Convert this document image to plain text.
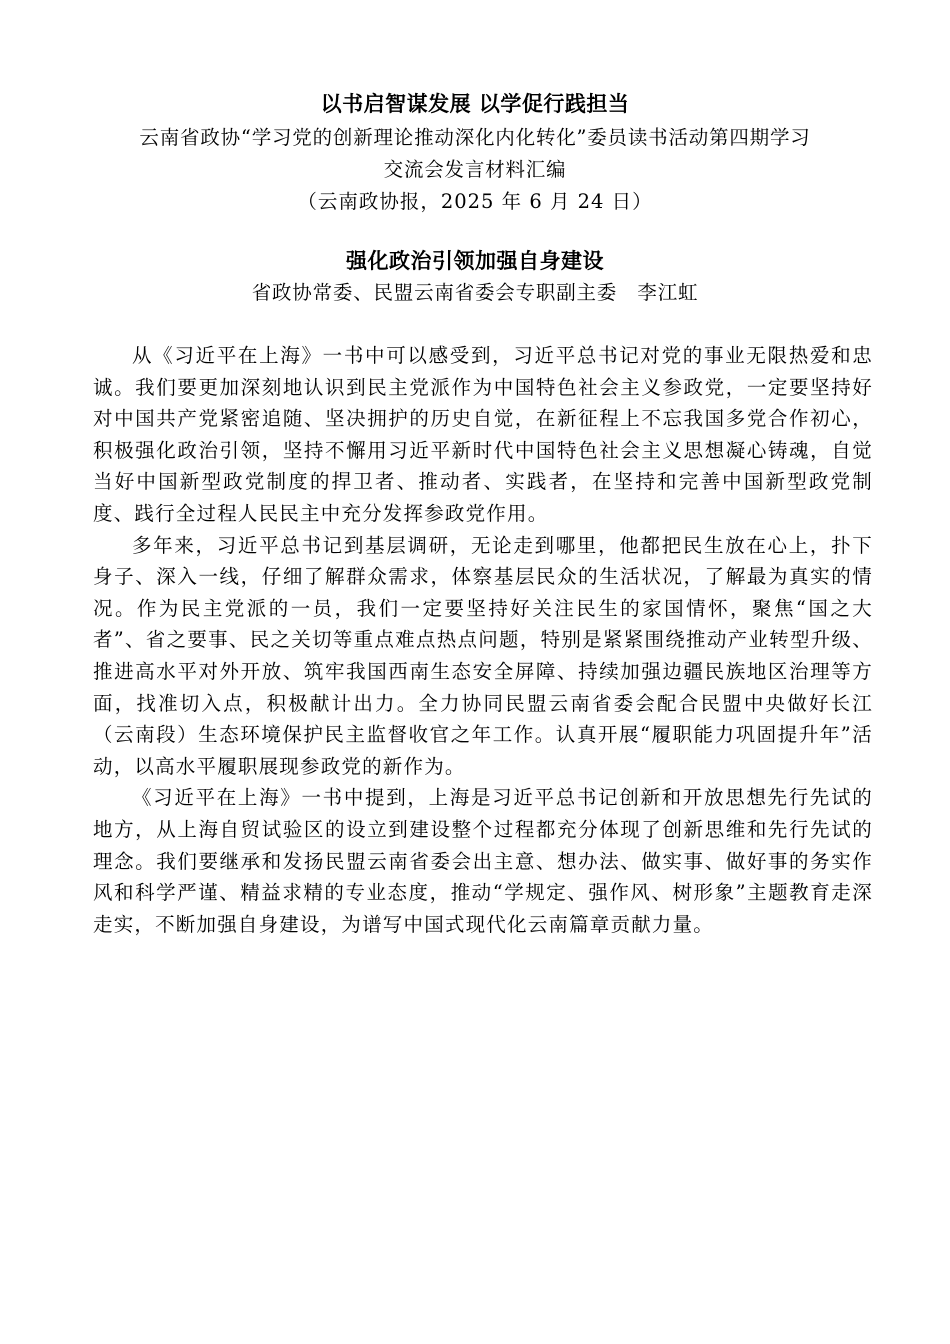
以书启智谋发展 以学促行践担当
云南省政协“学习党的创新理论推动深化内化转化”委员读书活动第四期学习
交流会发言材料汇编
（云南政协报，2025 年 6 月 24 日）
强化政治引领加强自身建设
省政协常委、民盟云南省委会专职副主委　李江虹

从《习近平在上海》一书中可以感受到，习近平总书记对党的事业无限热爱和忠诚。我们要更加深刻地认识到民主党派作为中国特色社会主义参政党，一定要坚持好对中国共产党紧密追随、坚决拥护的历史自觉，在新征程上不忘我国多党合作初心，积极强化政治引领，坚持不懈用习近平新时代中国特色社会主义思想凝心铸魂，自觉当好中国新型政党制度的捍卫者、推动者、实践者，在坚持和完善中国新型政党制度、践行全过程人民民主中充分发挥参政党作用。

多年来，习近平总书记到基层调研，无论走到哪里，他都把民生放在心上，扑下身子、深入一线，仔细了解群众需求，体察基层民众的生活状况，了解最为真实的情况。作为民主党派的一员，我们一定要坚持好关注民生的家国情怀，聚焦“国之大者”、省之要事、民之关切等重点难点热点问题，特别是紧紧围绕推动产业转型升级、推进高水平对外开放、筑牢我国西南生态安全屏障、持续加强边疆民族地区治理等方面，找准切入点，积极献计出力。全力协同民盟云南省委会配合民盟中央做好长江（云南段）生态环境保护民主监督收官之年工作。认真开展“履职能力巩固提升年”活动，以高水平履职展现参政党的新作为。

《习近平在上海》一书中提到，上海是习近平总书记创新和开放思想先行先试的地方，从上海自贸试验区的设立到建设整个过程都充分体现了创新思维和先行先试的理念。我们要继承和发扬民盟云南省委会出主意、想办法、做实事、做好事的务实作风和科学严谨、精益求精的专业态度，推动“学规定、强作风、树形象”主题教育走深走实，不断加强自身建设，为谱写中国式现代化云南篇章贡献力量。
